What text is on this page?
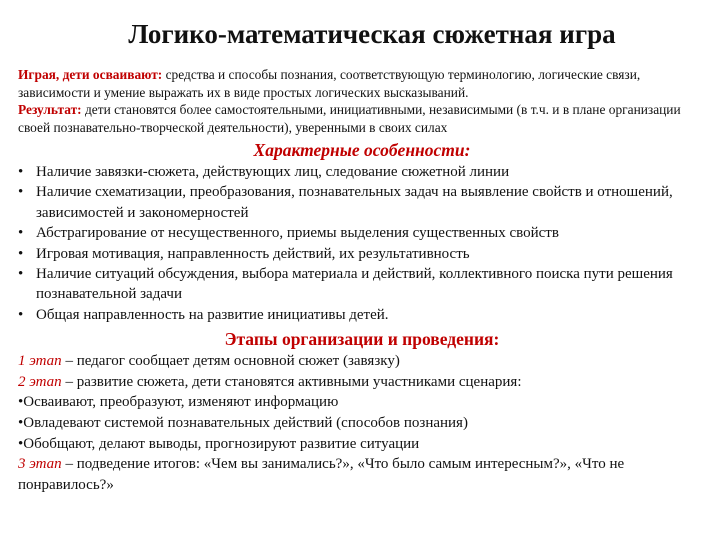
Логико-математическая сюжетная игра
Играя, дети осваивают: средства и способы познания, соответствующую терминологию, логические связи, зависимости и умение выражать их в виде простых логических высказываний.
Результат: дети становятся более самостоятельными, инициативными, независимыми (в т.ч. и в плане организации своей познавательно-творческой деятельности), уверенными в своих силах
Характерные особенности:
• Наличие завязки-сюжета, действующих лиц, следование сюжетной линии
• Наличие схематизации, преобразования, познавательных задач на выявление свойств и отношений, зависимостей и закономерностей
• Абстрагирование от несущественного, приемы выделения существенных свойств
• Игровая мотивация, направленность действий, их результативность
• Наличие ситуаций обсуждения, выбора материала и действий, коллективного поиска пути решения познавательной задачи
• Общая направленность на развитие инициативы детей.
Этапы организации и проведения:
1 этап – педагог сообщает детям основной сюжет (завязку)
2 этап – развитие сюжета, дети становятся активными участниками сценария:
•Осваивают, преобразуют, изменяют информацию
•Овладевают системой познавательных действий (способов познания)
•Обобщают, делают выводы, прогнозируют развитие ситуации
3 этап – подведение итогов: «Чем вы занимались?», «Что было самым интересным?», «Что не понравилось?»
